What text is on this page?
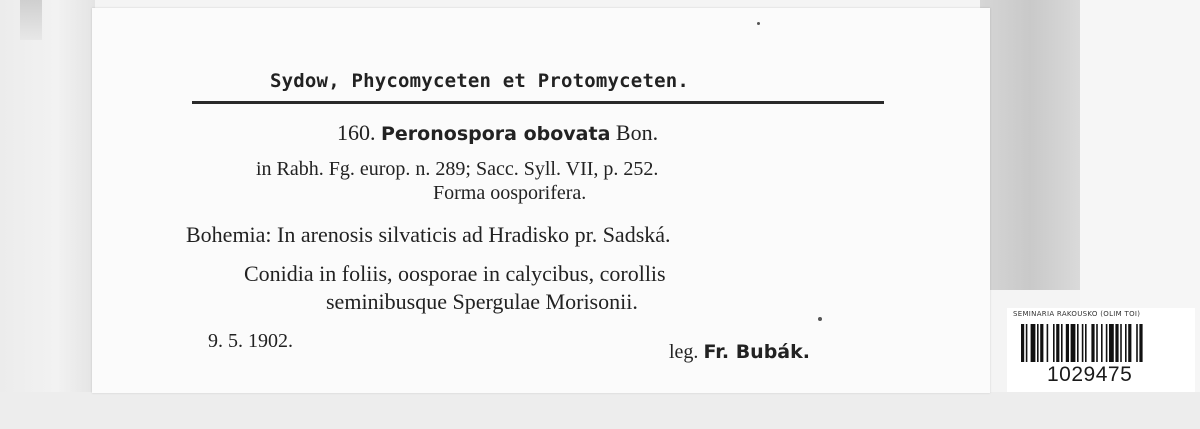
Sydow, Phycomyceten et Protomyceten.
160. Peronospora obovata Bon.
in Rabh. Fg. europ. n. 289; Sacc. Syll. VII, p. 252.
Forma oosporifera.
Bohemia: In arenosis silvaticis ad Hradisko pr. Sadská.
Conidia in foliis, oosporae in calycibus, corollis
seminibusque Spergulae Morisonii.
9. 5. 1902.	leg. Fr. Bubák.
SEMINARIA RAKOUSKO (OLIM TOI)
1029475
